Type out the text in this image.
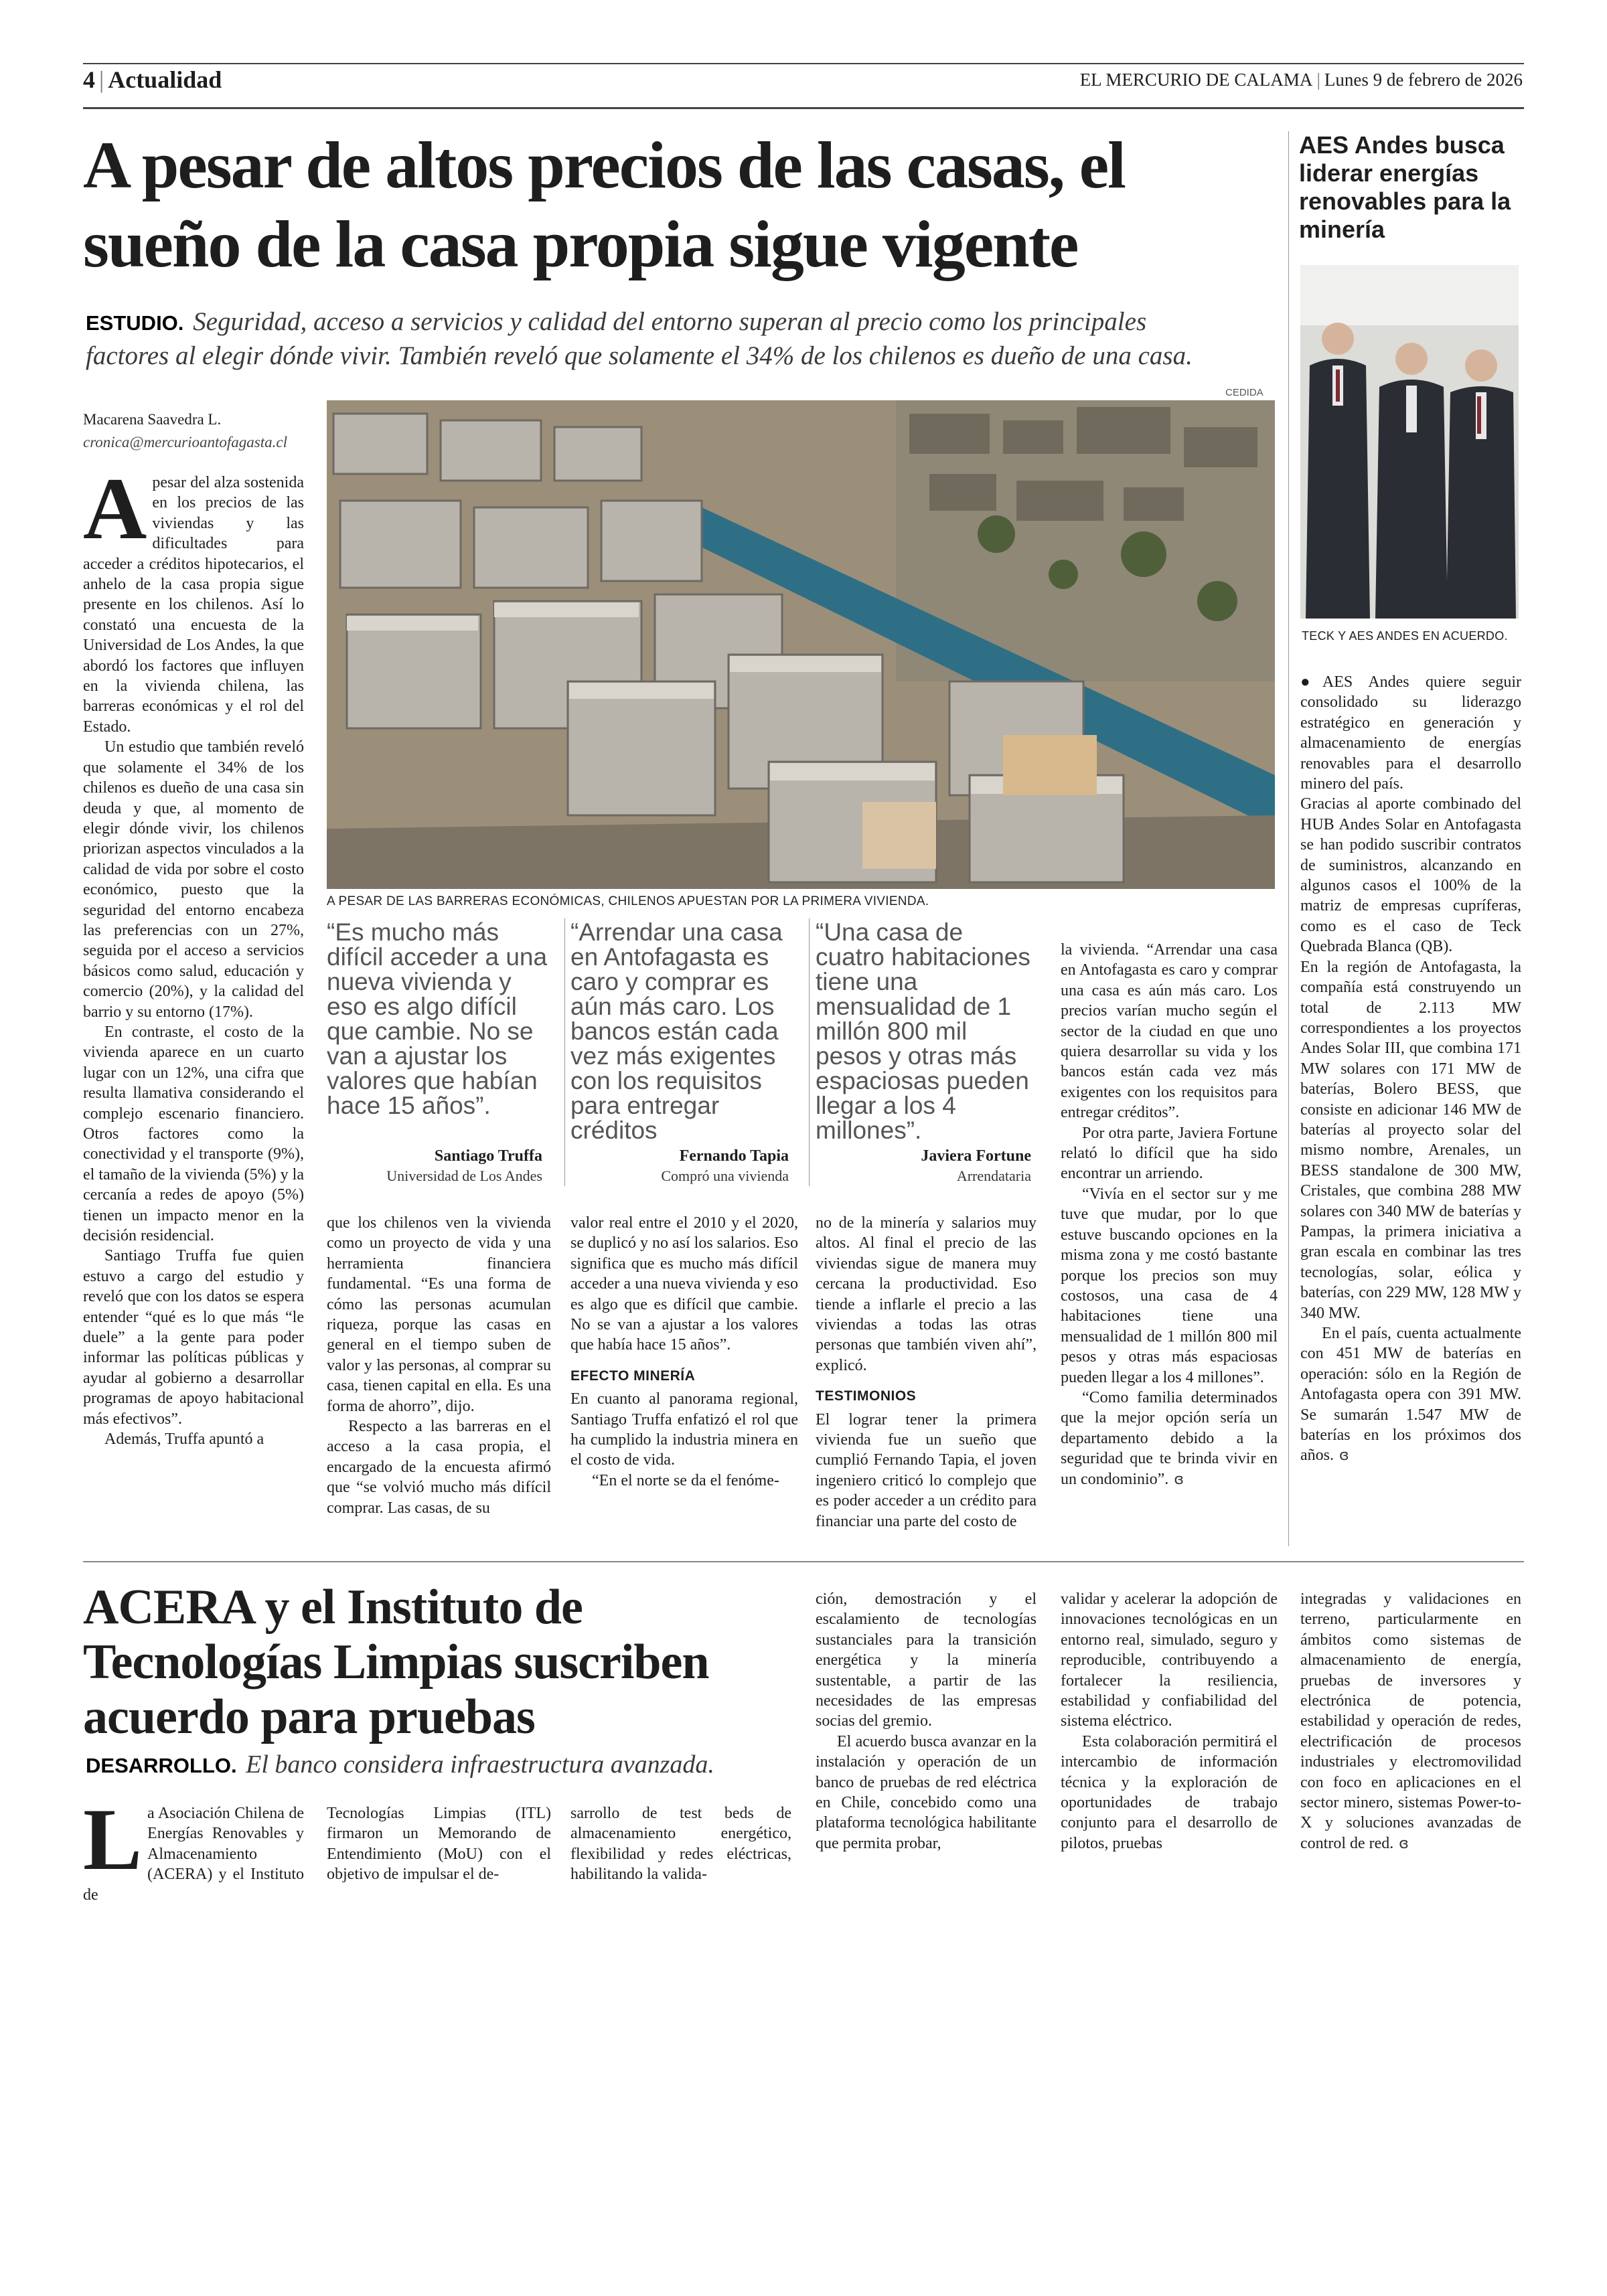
4 | Actualidad	EL MERCURIO DE CALAMA | Lunes 9 de febrero de 2026
A pesar de altos precios de las casas, el
sueño de la casa propia sigue vigente
ESTUDIO. Seguridad, acceso a servicios y calidad del entorno superan al precio como los principales
factores al elegir dónde vivir. También reveló que solamente el 34% de los chilenos es dueño de una casa.
Macarena Saavedra L.
cronica@mercurioantofagasta.cl
CEDIDA
A PESAR DE LAS BARRERAS ECONÓMICAS, CHILENOS APUESTAN POR LA PRIMERA VIVIENDA.

Apesar del alza sostenida en los precios de las viviendas y las dificultades para acceder a créditos hipotecarios, el anhelo de la casa propia sigue presente en los chilenos. Así lo constató una encuesta de la Universidad de Los Andes, la que abordó los factores que influyen en la vivienda chilena, las barreras económicas y el rol del Estado.

Un estudio que también reveló que solamente el 34% de los chilenos es dueño de una casa sin deuda y que, al momento de elegir dónde vivir, los chilenos priorizan aspectos vinculados a la calidad de vida por sobre el costo económico, puesto que la seguridad del entorno encabeza las preferencias con un 27%, seguida por el acceso a servicios básicos como salud, educación y comercio (20%), y la calidad del barrio y su entorno (17%).

En contraste, el costo de la vivienda aparece en un cuarto lugar con un 12%, una cifra que resulta llamativa considerando el complejo escenario financiero. Otros factores como la conectividad y el transporte (9%), el tamaño de la vivienda (5%) y la cercanía a redes de apoyo (5%) tienen un impacto menor en la decisión residencial.

Santiago Truffa fue quien estuvo a cargo del estudio y reveló que con los datos se espera entender “qué es lo que más “le duele” a la gente para poder informar las políticas públicas y ayudar al gobierno a desarrollar programas de apoyo habitacional más efectivos”.

Además, Truffa apuntó a

“Es mucho más difícil acceder a una nueva vivienda y eso es algo difícil que cambie. No se van a ajustar los valores que habían hace 15 años”.
Santiago Truffa
Universidad de Los Andes
“Arrendar una casa en Antofagasta es caro y comprar es aún más caro. Los bancos están cada vez más exigentes con los requisitos para entregar créditos
Fernando Tapia
Compró una vivienda
“Una casa de cuatro habitaciones tiene una mensualidad de 1 millón 800 mil pesos y otras más espaciosas pueden llegar a los 4 millones”.
Javiera Fortune
Arrendataria

que los chilenos ven la vivienda como un proyecto de vida y una herramienta financiera fundamental. “Es una forma de cómo las personas acumulan riqueza, porque las casas en general en el tiempo suben de valor y las personas, al comprar su casa, tienen capital en ella. Es una forma de ahorro”, dijo.

Respecto a las barreras en el acceso a la casa propia, el encargado de la encuesta afirmó que “se volvió mucho más difícil comprar. Las casas, de su

valor real entre el 2010 y el 2020, se duplicó y no así los salarios. Eso significa que es mucho más difícil acceder a una nueva vivienda y eso es algo que es difícil que cambie. No se van a ajustar a los valores que había hace 15 años”.

EFECTO MINERÍA

En cuanto al panorama regional, Santiago Truffa enfatizó el rol que ha cumplido la industria minera en el costo de vida.

“En el norte se da el fenóme-

no de la minería y salarios muy altos. Al final el precio de las viviendas sigue de manera muy cercana la productividad. Eso tiende a inflarle el precio a las viviendas a todas las otras personas que también viven ahí”, explicó.

TESTIMONIOS

El lograr tener la primera vivienda fue un sueño que cumplió Fernando Tapia, el joven ingeniero criticó lo complejo que es poder acceder a un crédito para financiar una parte del costo de

la vivienda. “Arrendar una casa en Antofagasta es caro y comprar una casa es aún más caro. Los precios varían mucho según el sector de la ciudad en que uno quiera desarrollar su vida y los bancos están cada vez más exigentes con los requisitos para entregar créditos”.

Por otra parte, Javiera Fortune relató lo difícil que ha sido encontrar un arriendo.

“Vivía en el sector sur y me tuve que mudar, por lo que estuve buscando opciones en la misma zona y me costó bastante porque los precios son muy costosos, una casa de 4 habitaciones tiene una mensualidad de 1 millón 800 mil pesos y otras más espaciosas pueden llegar a los 4 millones”.

“Como familia determinados que la mejor opción sería un departamento debido a la seguridad que te brinda vivir en un condominio”. ɞ

AES Andes busca liderar energías renovables para la minería
TECK Y AES ANDES EN ACUERDO.

●AES Andes quiere seguir consolidado su liderazgo estratégico en generación y almacenamiento de energías renovables para el desarrollo minero del país.

Gracias al aporte combinado del HUB Andes Solar en Antofagasta se han podido suscribir contratos de suministros, alcanzando en algunos casos el 100% de la matriz de empresas cupríferas, como es el caso de Teck Quebrada Blanca (QB).

En la región de Antofagasta, la compañía está construyendo un total de 2.113 MW correspondientes a los proyectos Andes Solar III, que combina 171 MW solares con 171 MW de baterías, Bolero BESS, que consiste en adicionar 146 MW de baterías al proyecto solar del mismo nombre, Arenales, un BESS standalone de 300 MW, Cristales, que combina 288 MW solares con 340 MW de baterías y Pampas, la primera iniciativa a gran escala en combinar las tres tecnologías, solar, eólica y baterías, con 229 MW, 128 MW y 340 MW.

En el país, cuenta actualmente con 451 MW de baterías en operación: sólo en la Región de Antofagasta opera con 391 MW. Se sumarán 1.547 MW de baterías en los próximos dos años. ɞ

ACERA y el Instituto de
Tecnologías Limpias suscriben
acuerdo para pruebas
DESARROLLO. El banco considera infraestructura avanzada.

La Asociación Chilena de Energías Renovables y Almacenamiento (ACERA) y el Instituto de

Tecnologías Limpias (ITL) firmaron un Memorando de Entendimiento (MoU) con el objetivo de impulsar el de-

sarrollo de test beds de almacenamiento energético, flexibilidad y redes eléctricas, habilitando la valida-

ción, demostración y el escalamiento de tecnologías sustanciales para la transición energética y la minería sustentable, a partir de las necesidades de las empresas socias del gremio.

El acuerdo busca avanzar en la instalación y operación de un banco de pruebas de red eléctrica en Chile, concebido como una plataforma tecnológica habilitante que permita probar,

validar y acelerar la adopción de innovaciones tecnológicas en un entorno real, simulado, seguro y reproducible, contribuyendo a fortalecer la resiliencia, estabilidad y confiabilidad del sistema eléctrico.

Esta colaboración permitirá el intercambio de información técnica y la exploración de oportunidades de trabajo conjunto para el desarrollo de pilotos, pruebas

integradas y validaciones en terreno, particularmente en ámbitos como sistemas de almacenamiento de energía, pruebas de inversores y electrónica de potencia, estabilidad y operación de redes, electrificación de procesos industriales y electromovilidad con foco en aplicaciones en el sector minero, sistemas Power-to-X y soluciones avanzadas de control de red. ɞ
